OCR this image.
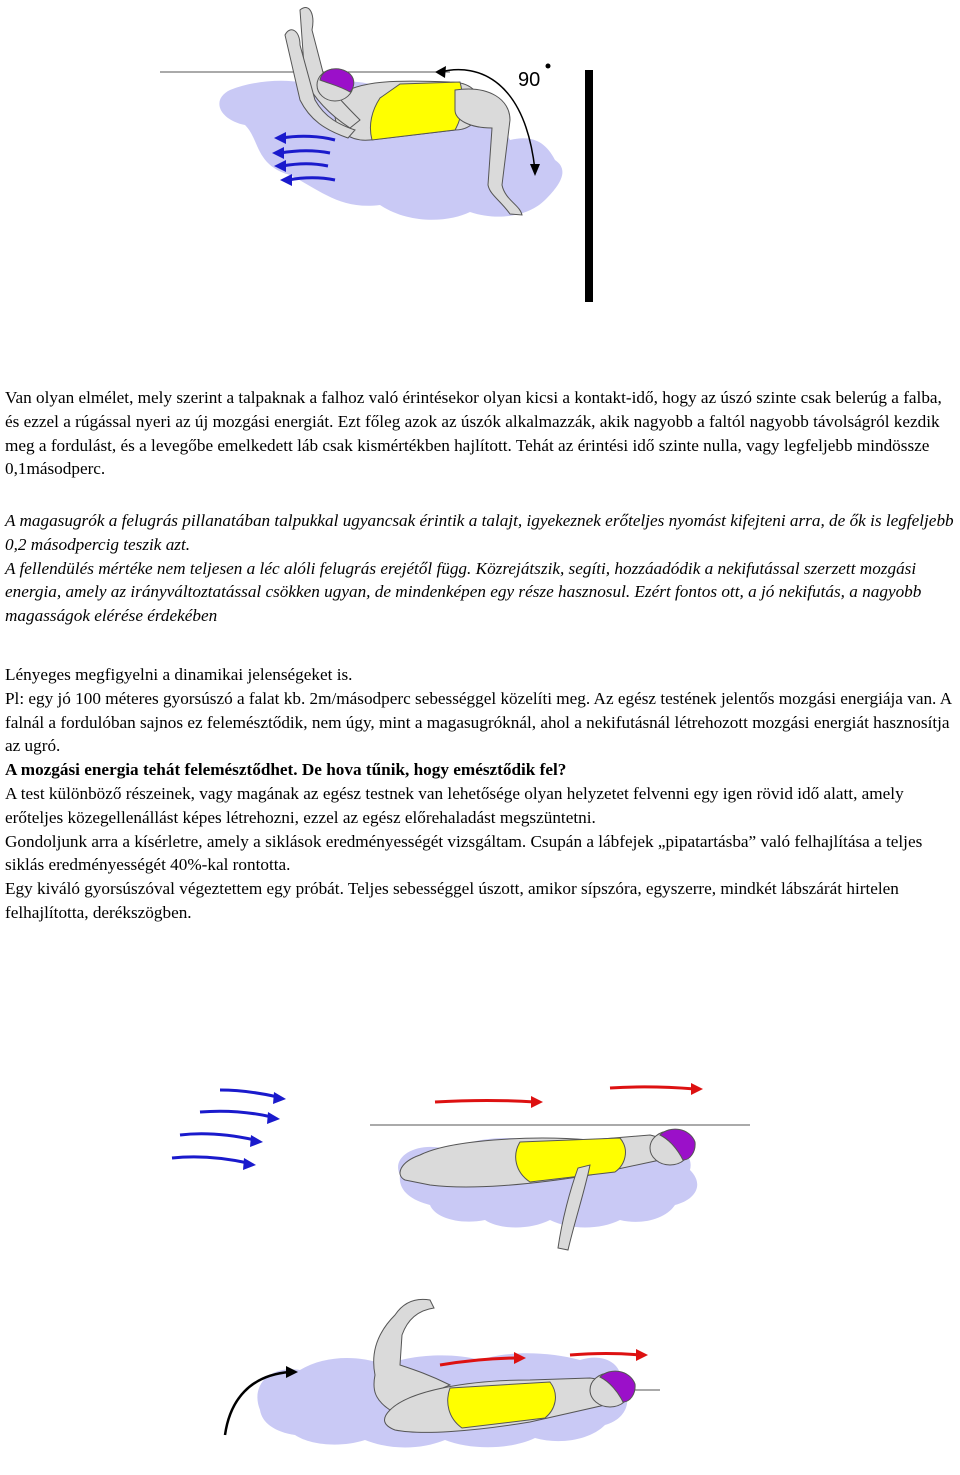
90

Van olyan elmélet, mely szerint a talpaknak a falhoz való érintésekor olyan kicsi a kontakt-idő, hogy az úszó szinte csak belerúg a falba, és ezzel a rúgással nyeri az új mozgási energiát. Ezt főleg azok az úszók alkalmazzák, akik nagyobb a faltól nagyobb távolságról kezdik meg a fordulást, és a levegőbe emelkedett láb csak kismértékben hajlított. Tehát az érintési idő szinte nulla, vagy legfeljebb mindössze 0,1másodperc.

A magasugrók a felugrás pillanatában talpukkal ugyancsak érintik a talajt, igyekeznek erőteljes nyomást kifejteni arra, de ők is legfeljebb 0,2 másodpercig teszik azt.

A fellendülés mértéke nem teljesen a léc alóli felugrás erejétől függ. Közrejátszik, segíti, hozzáadódik a nekifutással szerzett mozgási energia, amely az irányváltoztatással csökken ugyan, de mindenképen egy része hasznosul. Ezért fontos ott, a jó nekifutás, a nagyobb magasságok elérése érdekében

Lényeges megfigyelni a dinamikai jelenségeket is.

Pl: egy jó 100 méteres gyorsúszó a falat kb. 2m/másodperc sebességgel közelíti meg. Az egész testének jelentős mozgási energiája van. A falnál a fordulóban sajnos ez felemésztődik, nem úgy, mint a magasugróknál, ahol a nekifutásnál létrehozott mozgási energiát hasznosítja az ugró.

A mozgási energia tehát felemésztődhet. De hova tűnik, hogy emésztődik fel?

A test különböző részeinek, vagy magának az egész testnek van lehetősége olyan helyzetet felvenni egy igen rövid idő alatt, amely erőteljes közegellenállást képes létrehozni, ezzel az egész előrehaladást megszüntetni.

Gondoljunk arra a kísérletre, amely a siklások eredményességét vizsgáltam. Csupán a lábfejek „pipatartásba” való felhajlítása a teljes siklás eredményességét 40%-kal rontotta.

Egy kiváló gyorsúszóval végeztettem egy próbát. Teljes sebességgel úszott, amikor sípszóra, egyszerre, mindkét lábszárát hirtelen felhajlította, derékszögben.
